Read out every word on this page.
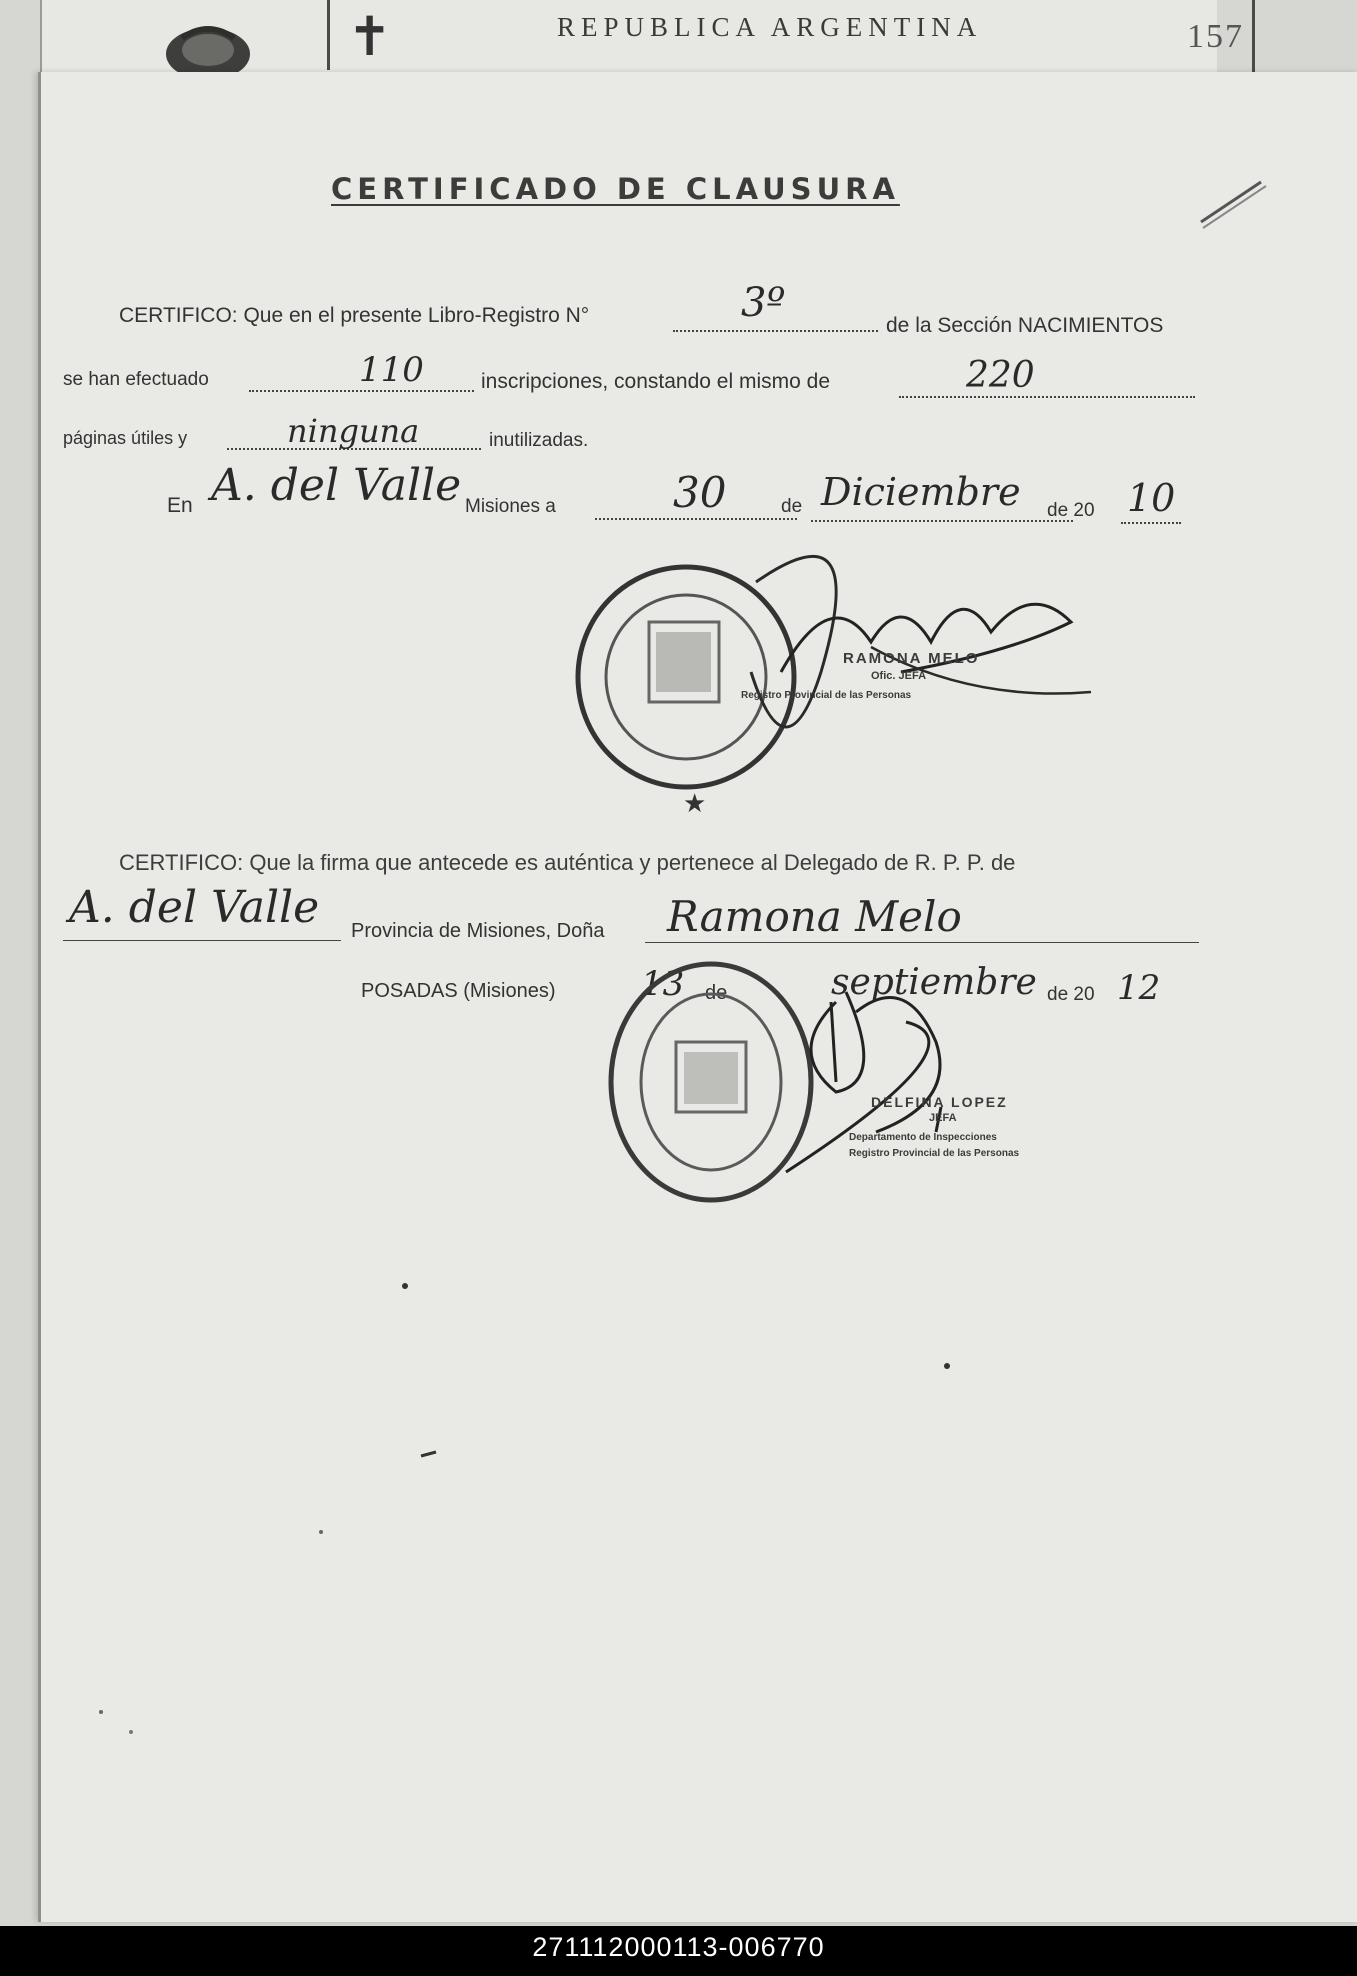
✝	REPUBLICA ARGENTINA	157
CERTIFICADO DE CLAUSURA
CERTIFICO: Que en el presente Libro-Registro N°	3º	de la Sección NACIMIENTOS
se han efectuado	110	inscripciones, constando el mismo de	220
páginas útiles y	ninguna	inutilizadas.
En A. del Valle Misiones a	30	de Diciembre de 20 10
★
RAMONA MELO
Ofic. JEFA
Registro Provincial de las Personas
CERTIFICO: Que la firma que antecede es auténtica y pertenece al Delegado de R. P. P. de
A. del Valle Provincia de Misiones, Doña Ramona Melo
POSADAS (Misiones)	13 de	septiembre de 20 12
DELFINA LOPEZ
JEFA
Departamento de Inspecciones
Registro Provincial de las Personas
271112000113-006770
